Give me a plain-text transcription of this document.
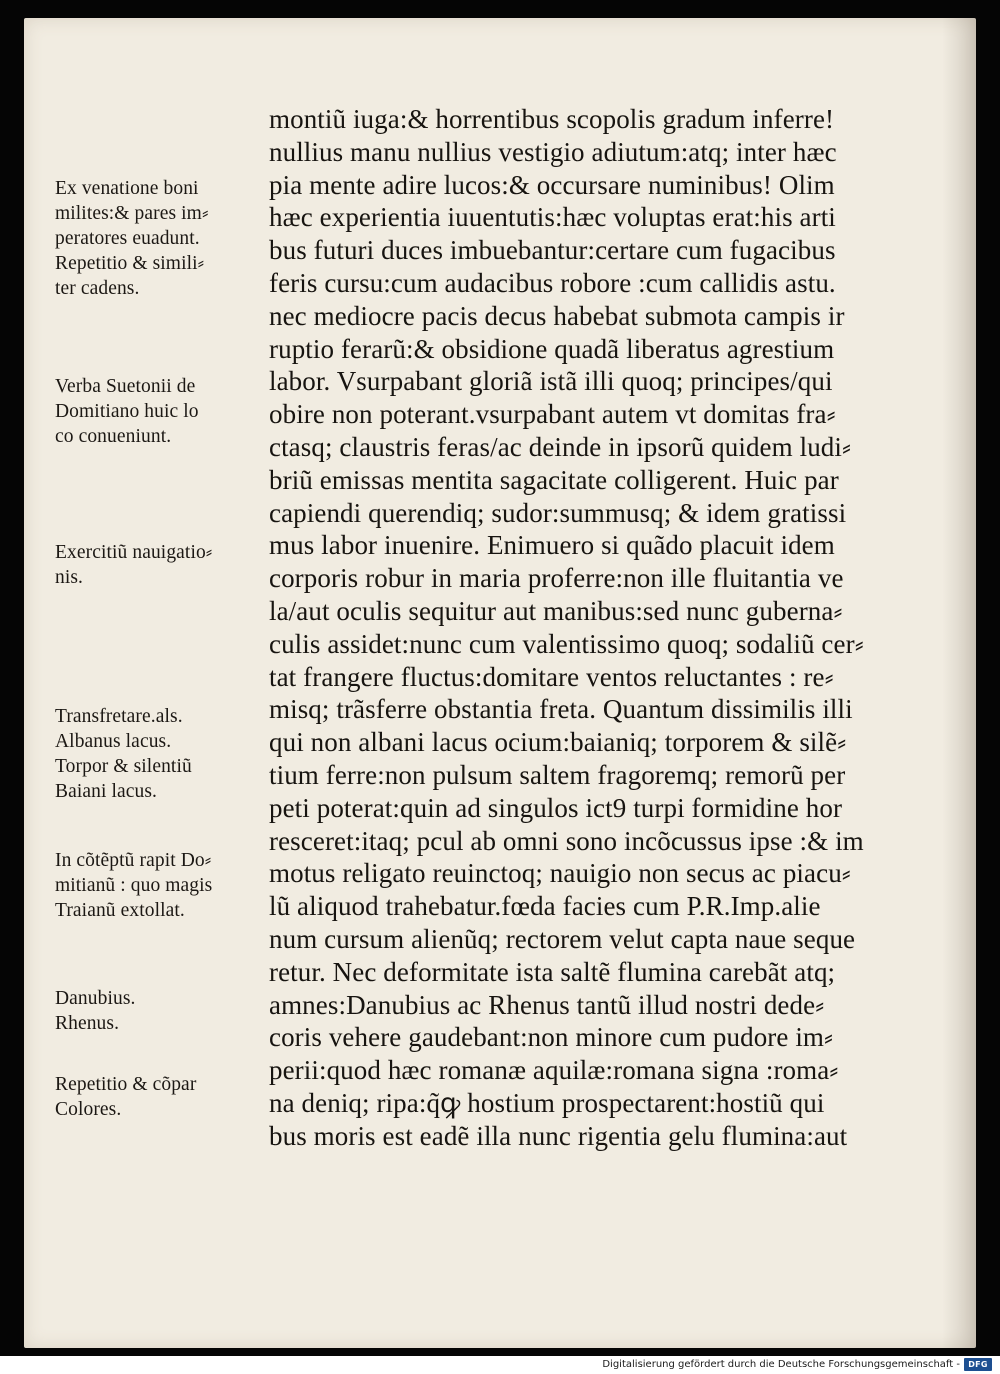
Ex venatione boni
milites:& pares im⸗
peratores euadunt.
Repetitio & simili⸗
ter cadens.

Verba Suetonii de
Domitiano huic lo
co conueniunt.

Exercitiũ nauigatio⸗
nis.

Transfretare.als.
Albanus lacus.
Torpor & silentiũ
Baiani lacus.

In cõtẽptũ rapit Do⸗
mitianũ : quo magis
Traianũ extollat.

Danubius.
Rhenus.

Repetitio & cõpar
Colores.

montiũ iuga:& horrentibus scopolis gradum inferre!
nullius manu nullius vestigio adiutum:atq; inter hæc
pia mente adire lucos:& occursare numinibus! Olim
hæc experientia iuuentutis:hæc voluptas erat:his arti
bus futuri duces imbuebantur:certare cum fugacibus
feris cursu:cum audacibus robore :cum callidis astu.
nec mediocre pacis decus habebat submota campis ir
ruptio ferarũ:& obsidione quadã liberatus agrestium
labor. Vsurpabant gloriã istã illi quoq; principes/qui
obire non poterant.vsurpabant autem vt domitas fra⸗
ctasq; claustris feras/ac deinde in ipsorũ quidem ludi⸗
briũ emissas mentita sagacitate colligerent. Huic par
capiendi querendiq; sudor:summusq; & idem gratissi
mus labor inuenire. Enimuero si quãdo placuit idem
corporis robur in maria proferre:non ille fluitantia ve
la/aut oculis sequitur aut manibus:sed nunc guberna⸗
culis assidet:nunc cum valentissimo quoq; sodaliũ cer⸗
tat frangere fluctus:domitare ventos reluctantes : re⸗
misq; trãsferre obstantia freta. Quantum dissimilis illi
qui non albani lacus ocium:baianiq; torporem & silẽ⸗
tium ferre:non pulsum saltem fragoremq; remorũ per
peti poterat:quin ad singulos ict9 turpi formidine hor
resceret:itaq; pcul ab omni sono incõcussus ipse :& im
motus religato reuinctoq; nauigio non secus ac piacu⸗
lũ aliquod trahebatur.fœda facies cum P.R.Imp.alie
num cursum alienũq; rectorem velut capta naue seque
retur. Nec deformitate ista saltẽ flumina carebãt atq;
amnes:Danubius ac Rhenus tantũ illud nostri dede⸗
coris vehere gaudebant:non minore cum pudore im⸗
perii:quod hæc romanæ aquilæ:romana signa :roma⸗
na deniq; ripa:q̃ꝙ hostium prospectarent:hostiũ qui
bus moris est eadẽ illa nunc rigentia gelu flumina:aut

Digitalisierung gefördert durch die Deutsche Forschungsgemeinschaft -	DFG
